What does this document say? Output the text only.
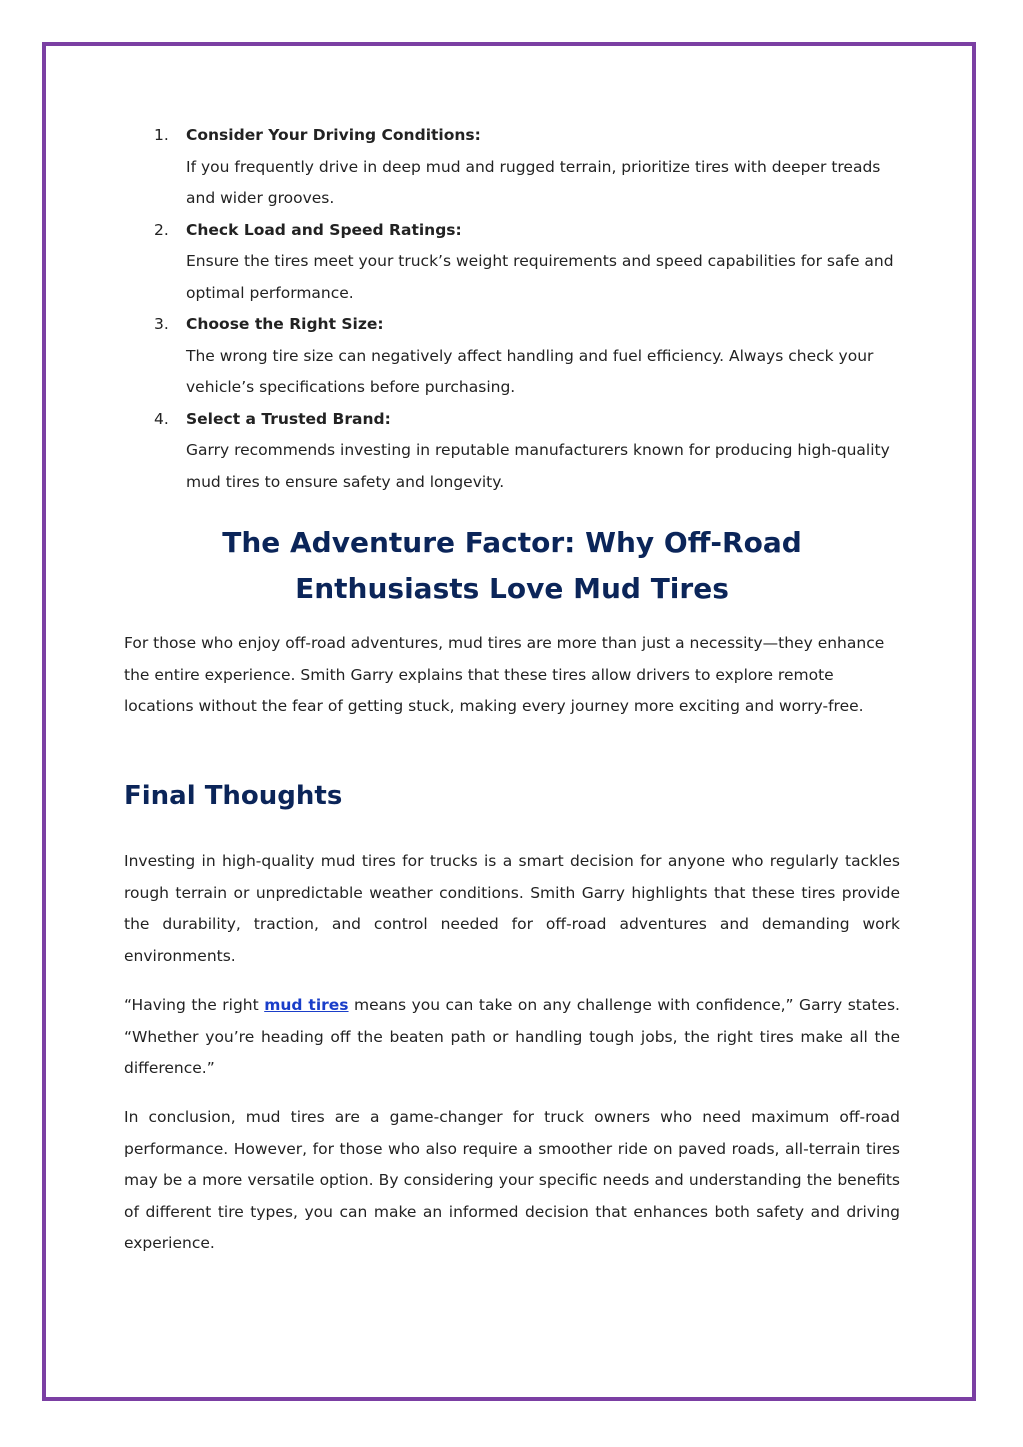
1. Consider Your Driving Conditions:
If you frequently drive in deep mud and rugged terrain, prioritize tires with deeper treads and wider grooves.
2. Check Load and Speed Ratings:
Ensure the tires meet your truck’s weight requirements and speed capabilities for safe and optimal performance.
3. Choose the Right Size:
The wrong tire size can negatively affect handling and fuel efficiency. Always check your vehicle’s specifications before purchasing.
4. Select a Trusted Brand:
Garry recommends investing in reputable manufacturers known for producing high-quality mud tires to ensure safety and longevity.
The Adventure Factor: Why Off-Road
Enthusiasts Love Mud Tires

For those who enjoy off-road adventures, mud tires are more than just a necessity—they enhance the entire experience. Smith Garry explains that these tires allow drivers to explore remote locations without the fear of getting stuck, making every journey more exciting and worry-free.

Final Thoughts

Investing in high-quality mud tires for trucks is a smart decision for anyone who regularly tackles rough terrain or unpredictable weather conditions. Smith Garry highlights that these tires provide the durability, traction, and control needed for off-road adventures and demanding work environments.

“Having the right mud tires means you can take on any challenge with confidence,” Garry states. “Whether you’re heading off the beaten path or handling tough jobs, the right tires make all the difference.”

In conclusion, mud tires are a game-changer for truck owners who need maximum off-road performance. However, for those who also require a smoother ride on paved roads, all-terrain tires may be a more versatile option. By considering your specific needs and understanding the benefits of different tire types, you can make an informed decision that enhances both safety and driving experience.
